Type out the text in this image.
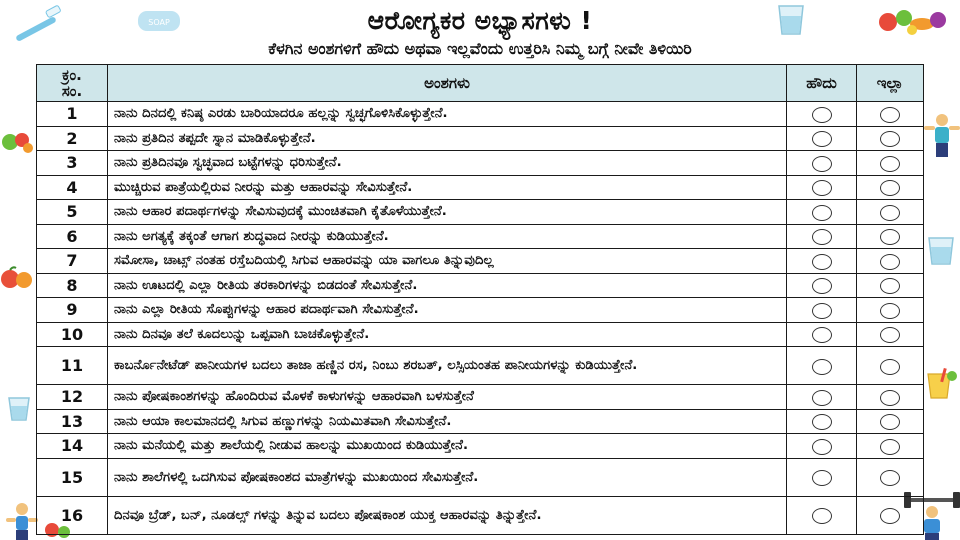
SOAP	ಆರೋಗ್ಯಕರ ಅಭ್ಯಾಸಗಳು !
ಕೆಳಗಿನ ಅಂಶಗಳಿಗೆ ಹೌದು ಅಥವಾ ಇಲ್ಲವೆಂದು ಉತ್ತರಿಸಿ ನಿಮ್ಮ ಬಗ್ಗೆ ನೀವೇ ತಿಳಿಯಿರಿ
ಕ್ರಂ.
ಸಂ.	ಅಂಶಗಳು	ಹೌದು	ಇಲ್ಲಾ
1	ನಾನು ದಿನದಲ್ಲಿ ಕನಿಷ್ಠ ಎರಡು ಬಾರಿಯಾದರೂ ಹಲ್ಲನ್ನು ಸ್ವಚ್ಛಗೊಳಿಸಿಕೊಳ್ಳುತ್ತೇನೆ.		
2	ನಾನು ಪ್ರತಿದಿನ ತಪ್ಪದೇ ಸ್ನಾನ ಮಾಡಿಕೊಳ್ಳುತ್ತೇನೆ.		
3	ನಾನು ಪ್ರತಿದಿನವೂ ಸ್ವಚ್ಛವಾದ ಬಟ್ಟೆಗಳನ್ನು ಧರಿಸುತ್ತೇನೆ.		
4	ಮುಚ್ಚಿರುವ ಪಾತ್ರೆಯಲ್ಲಿರುವ ನೀರನ್ನು ಮತ್ತು ಆಹಾರವನ್ನು ಸೇವಿಸುತ್ತೇನೆ.		
5	ನಾನು ಆಹಾರ ಪದಾರ್ಥಗಳನ್ನು ಸೇವಿಸುವುದಕ್ಕೆ ಮುಂಚಿತವಾಗಿ ಕೈತೊಳೆಯುತ್ತೇನೆ.		
6	ನಾನು ಅಗತ್ಯಕ್ಕೆ ತಕ್ಕಂತೆ ಆಗಾಗ ಶುದ್ಧವಾದ ನೀರನ್ನು ಕುಡಿಯುತ್ತೇನೆ.		
7	ಸಮೋಸಾ, ಚಾಟ್ಸ್ ನಂತಹ ರಸ್ತೆಬದಿಯಲ್ಲಿ ಸಿಗುವ ಆಹಾರವನ್ನು ಯಾ ವಾಗಲೂ ತಿನ್ನುವುದಿಲ್ಲ		
8	ನಾನು ಊಟದಲ್ಲಿ ಎಲ್ಲಾ ರೀತಿಯ ತರಕಾರಿಗಳನ್ನು ಬಿಡದಂತೆ ಸೇವಿಸುತ್ತೇನೆ.		
9	ನಾನು ಎಲ್ಲಾ ರೀತಿಯ ಸೊಪ್ಪುಗಳನ್ನು ಆಹಾರ ಪದಾರ್ಥವಾಗಿ ಸೇವಿಸುತ್ತೇನೆ.		
10	ನಾನು ದಿನವೂ ತಲೆ ಕೂದಲುನ್ನು ಒಪ್ಪವಾಗಿ ಬಾಚಕೊಳ್ಳುತ್ತೇನೆ.		
11	ಕಾಬರ್ನೊನೇಟೆಡ್ ಪಾನೀಯಗಳ ಬದಲು ತಾಜಾ ಹಣ್ಣಿನ ರಸ, ನಿಂಬು ಶರಬತ್, ಲಸ್ಸಿಯಂತಹ ಪಾನೀಯಗಳನ್ನು ಕುಡಿಯುತ್ತೇನೆ.		
12	ನಾನು ಪೋಷಕಾಂಶಗಳನ್ನು ಹೊಂದಿರುವ ಮೊಳಕೆ ಕಾಳುಗಳನ್ನು ಆಹಾರವಾಗಿ ಬಳಸುತ್ತೇನೆ		
13	ನಾನು ಆಯಾ ಕಾಲಮಾನದಲ್ಲಿ ಸಿಗುವ ಹಣ್ಣುಗಳನ್ನು ನಿಯಮಿತವಾಗಿ ಸೇವಿಸುತ್ತೇನೆ.		
14	ನಾನು ಮನೆಯಲ್ಲಿ ಮತ್ತು ಶಾಲೆಯಲ್ಲಿ ನೀಡುವ ಹಾಲನ್ನು ಮುಖಯಿಂದ ಕುಡಿಯುತ್ತೇನೆ.		
15	ನಾನು ಶಾಲೆಗಳಲ್ಲಿ ಒದಗಿಸುವ ಪೋಷಕಾಂಶದ ಮಾತ್ರೆಗಳನ್ನು ಮುಖಯಿಂದ ಸೇವಿಸುತ್ತೇನೆ.		
16	ದಿನವೂ ಬ್ರೆಡ್, ಬನ್, ನೂಡಲ್ಸ್ ಗಳನ್ನು ತಿನ್ನುವ ಬದಲು ಪೋಷಕಾಂಶ ಯುಕ್ತ ಆಹಾರವನ್ನು ತಿನ್ನುತ್ತೇನೆ.		
